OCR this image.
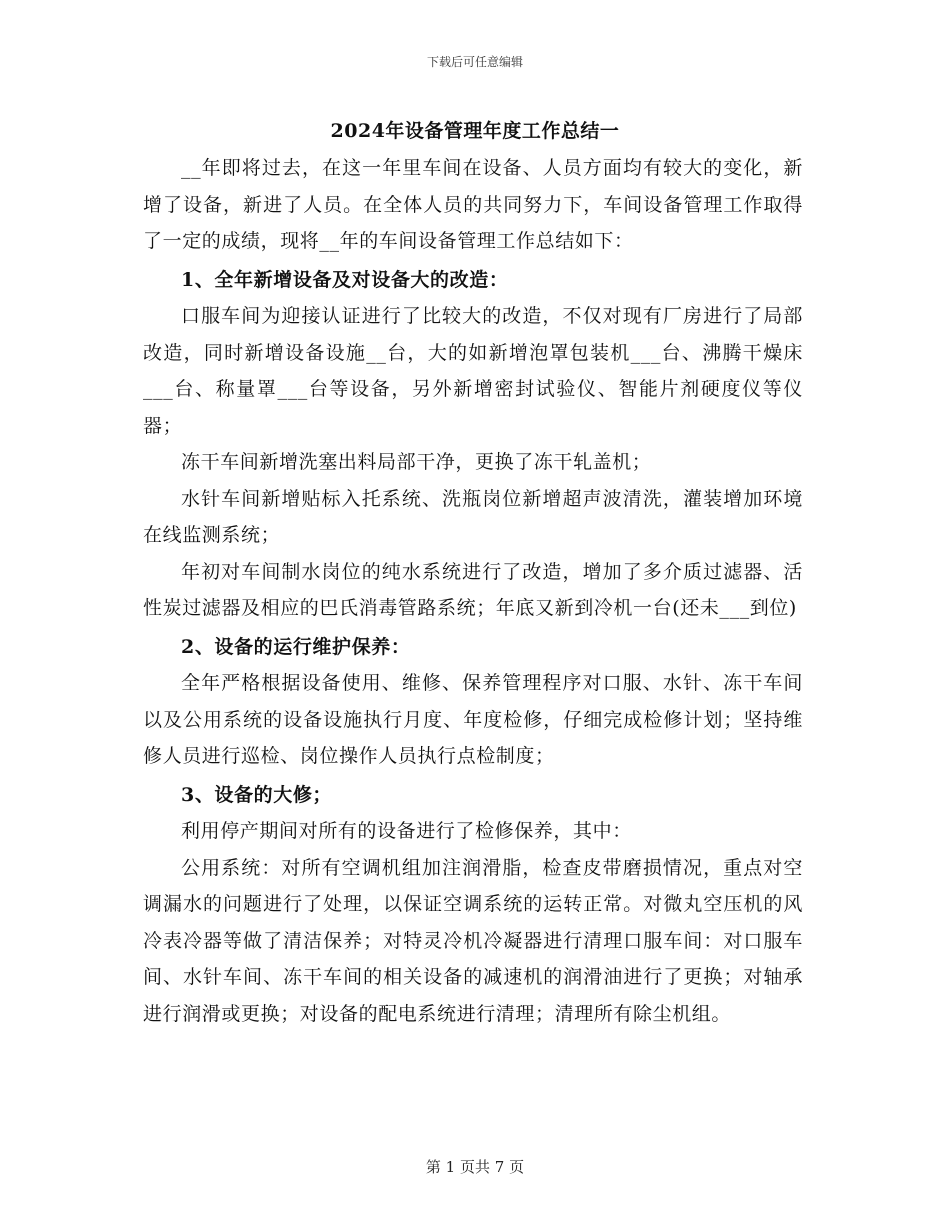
下载后可任意编辑
2024年设备管理年度工作总结一

__年即将过去，在这一年里车间在设备、人员方面均有较大的变化，新增了设备，新进了人员。在全体人员的共同努力下，车间设备管理工作取得了一定的成绩，现将__年的车间设备管理工作总结如下：

1、全年新增设备及对设备大的改造：

口服车间为迎接认证进行了比较大的改造，不仅对现有厂房进行了局部改造，同时新增设备设施__台，大的如新增泡罩包装机___台、沸腾干燥床___台、称量罩___台等设备，另外新增密封试验仪、智能片剂硬度仪等仪器；

冻干车间新增洗塞出料局部干净，更换了冻干轧盖机；

水针车间新增贴标入托系统、洗瓶岗位新增超声波清洗，灌装增加环境在线监测系统；

年初对车间制水岗位的纯水系统进行了改造，增加了多介质过滤器、活性炭过滤器及相应的巴氏消毒管路系统；年底又新到冷机一台(还未___到位)

2、设备的运行维护保养：

全年严格根据设备使用、维修、保养管理程序对口服、水针、冻干车间以及公用系统的设备设施执行月度、年度检修，仔细完成检修计划；坚持维修人员进行巡检、岗位操作人员执行点检制度；

3、设备的大修；

利用停产期间对所有的设备进行了检修保养，其中：

公用系统：对所有空调机组加注润滑脂，检查皮带磨损情况，重点对空调漏水的问题进行了处理，以保证空调系统的运转正常。对微丸空压机的风冷表冷器等做了清洁保养；对特灵冷机冷凝器进行清理口服车间：对口服车间、水针车间、冻干车间的相关设备的减速机的润滑油进行了更换；对轴承进行润滑或更换；对设备的配电系统进行清理；清理所有除尘机组。

第 1 页共 7 页
